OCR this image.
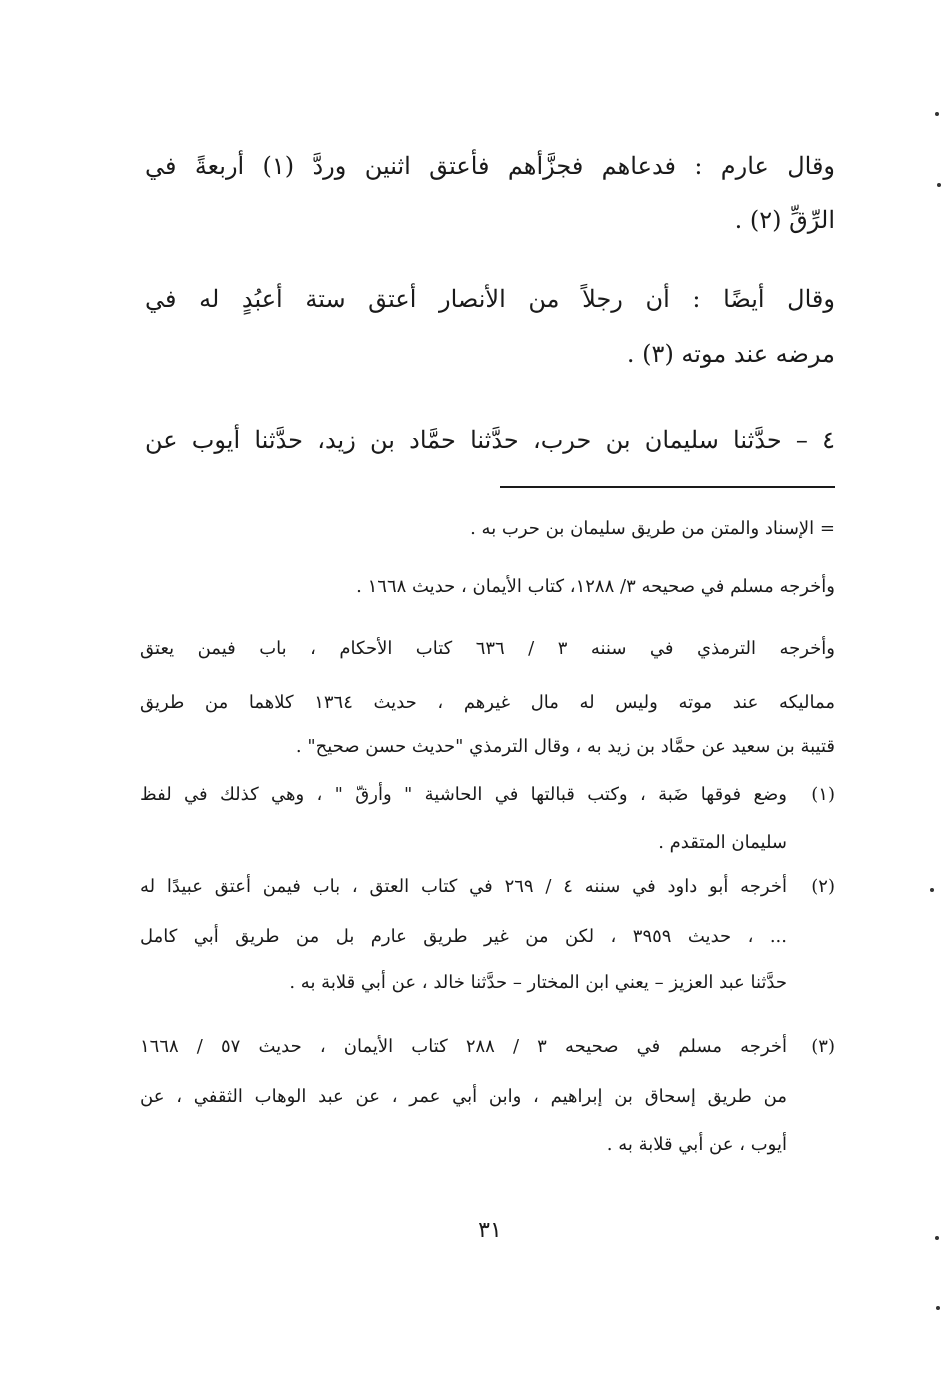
وقال عارم : فدعاهم فجزَّأهم فأعتق اثنين وردَّ (١) أربعةً في
الرِّقِّ (٢) .
وقال أيضًا : أن رجلاً من الأنصار أعتق ستة أعبُدٍ له في
مرضه عند موته (٣) .
٤ – حدَّثنا سليمان بن حرب، حدَّثنا حمَّاد بن زيد، حدَّثنا أيوب عن
= الإسناد والمتن من طريق سليمان بن حرب به .
وأخرجه مسلم في صحيحه ٣/ ١٢٨٨، كتاب الأيمان ، حديث ١٦٦٨ .
وأخرجه الترمذي في سننه ٣ / ٦٣٦ كتاب الأحكام ، باب فيمن يعتق
مماليكه عند موته وليس له مال غيرهم ، حديث ١٣٦٤ كلاهما من طريق
قتيبة بن سعيد عن حمَّاد بن زيد به ، وقال الترمذي "حديث حسن صحيح" .
(١)وضع فوقها ضَبة ، وكتب قبالتها في الحاشية " وأرقّ " ، وهي كذلك في لفظ
سليمان المتقدم .
(٢)أخرجه أبو داود في سننه ٤ / ٢٦٩ في كتاب العتق ، باب فيمن أعتق عبيدًا له
... ، حديث ٣٩٥٩ ، لكن من غير طريق عارم بل من طريق أبي كامل
حدَّثنا عبد العزيز – يعني ابن المختار – حدَّثنا خالد ، عن أبي قلابة به .
(٣)أخرجه مسلم في صحيحه ٣ / ٢٨٨ كتاب الأيمان ، حديث ٥٧ / ١٦٦٨
من طريق إسحاق بن إبراهيم ، وابن أبي عمر ، عن عبد الوهاب الثقفي ، عن
أيوب ، عن أبي قلابة به .
٣١
